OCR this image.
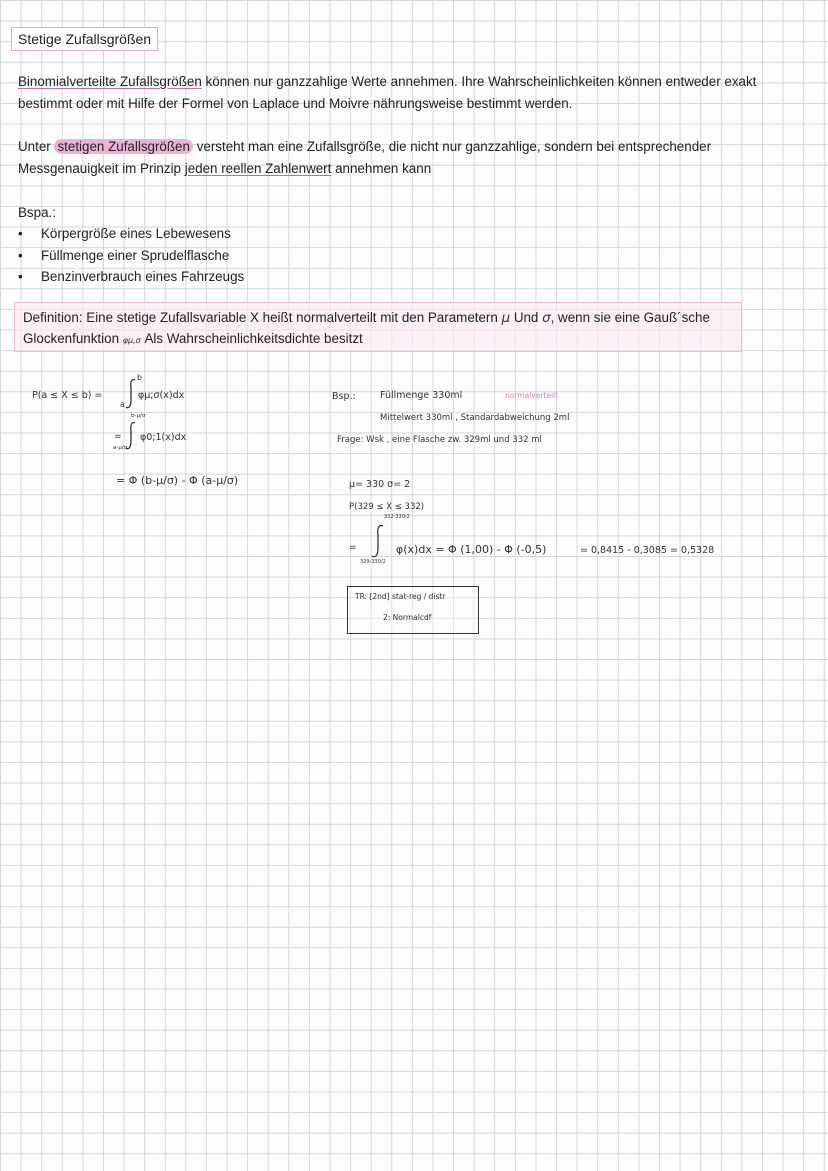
Stetige Zufallsgrößen
Binomialverteilte Zufallsgrößen können nur ganzzahlige Werte annehmen. Ihre Wahrscheinlichkeiten können entweder exakt
bestimmt oder mit Hilfe der Formel von Laplace und Moivre nährungsweise bestimmt werden.
Unter stetigen Zufallsgrößen versteht man eine Zufallsgröße, die nicht nur ganzzahlige, sondern bei entsprechender
Messgenauigkeit im Prinzip jeden reellen Zahlenwert annehmen kann
Bspa.:
• Körpergröße eines Lebewesens
• Füllmenge einer Sprudelflasche
• Benzinverbrauch eines Fahrzeugs
Definition: Eine stetige Zufallsvariable X heißt normalverteilt mit den Parametern μ Und σ, wenn sie eine Gauß´sche
Glockenfunktion φμ,σ Als Wahrscheinlichkeitsdichte besitzt
P(a ≤ X ≤ b) =
b
a
φμ;σ(x)dx
=
b-μ/σ
a-μ/σ
φ0;1(x)dx
= Φ (b-μ/σ) - Φ (a-μ/σ)
Bsp.:	Füllmenge 330ml	normalverteilt
Mittelwert 330ml , Standardabweichung 2ml
Frage: Wsk , eine Flasche zw. 329ml und 332 ml
μ= 330 σ= 2
P(329 ≤ X ≤ 332)
=
332-330/2
329-330/2
φ(x)dx = Φ (1,00) - Φ (-0,5)	= 0,8415 - 0,3085 = 0,5328
TR: [2nd] stat-reg / distr
2: Normalcdf
